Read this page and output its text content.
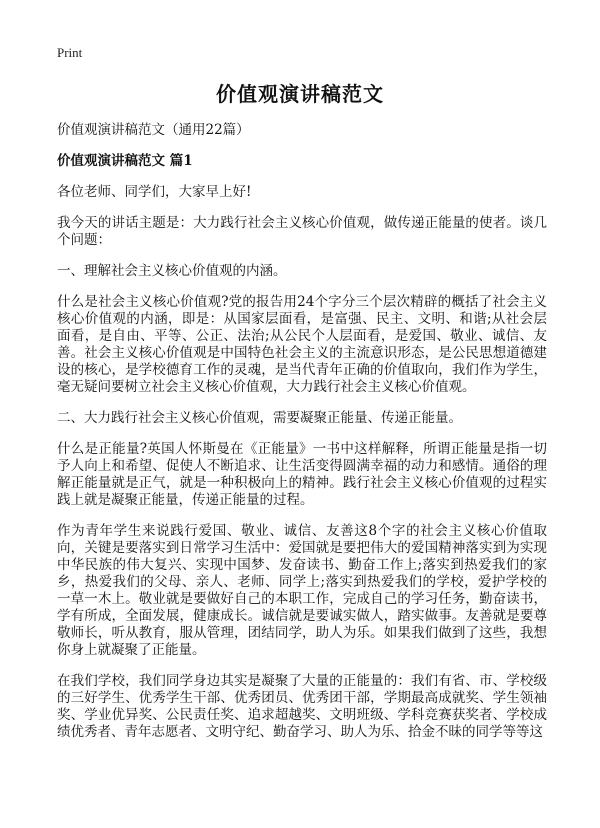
Print
价值观演讲稿范文

价值观演讲稿范文（通用22篇）

价值观演讲稿范文 篇1

各位老师、同学们，大家早上好!

我今天的讲话主题是：大力践行社会主义核心价值观，做传递正能量的使者。谈几个问题：

一、理解社会主义核心价值观的内涵。

什么是社会主义核心价值观?党的报告用24个字分三个层次精辟的概括了社会主义核心价值观的内涵，即是：从国家层面看，是富强、民主、文明、和谐;从社会层面看，是自由、平等、公正、法治;从公民个人层面看，是爱国、敬业、诚信、友善。社会主义核心价值观是中国特色社会主义的主流意识形态，是公民思想道德建设的核心，是学校德育工作的灵魂，是当代青年正确的价值取向，我们作为学生，毫无疑问要树立社会主义核心价值观，大力践行社会主义核心价值观。

二、大力践行社会主义核心价值观，需要凝聚正能量、传递正能量。

什么是正能量?英国人怀斯曼在《正能量》一书中这样解释，所谓正能量是指一切予人向上和希望、促使人不断追求、让生活变得圆满幸福的动力和感情。通俗的理解正能量就是正气，就是一种积极向上的精神。践行社会主义核心价值观的过程实践上就是凝聚正能量，传递正能量的过程。

作为青年学生来说践行爱国、敬业、诚信、友善这8个字的社会主义核心价值取向，关键是要落实到日常学习生活中：爱国就是要把伟大的爱国精神落实到为实现中华民族的伟大复兴、实现中国梦、发奋读书、勤奋工作上;落实到热爱我们的家乡，热爱我们的父母、亲人、老师、同学上;落实到热爱我们的学校，爱护学校的一草一木上。敬业就是要做好自己的本职工作，完成自己的学习任务，勤奋读书，学有所成，全面发展，健康成长。诚信就是要诚实做人，踏实做事。友善就是要尊敬师长，听从教育，服从管理，团结同学，助人为乐。如果我们做到了这些，我想你身上就凝聚了正能量。

在我们学校，我们同学身边其实是凝聚了大量的正能量的：我们有省、市、学校级的三好学生、优秀学生干部、优秀团员、优秀团干部，学期最高成就奖、学生领袖奖、学业优异奖、公民责任奖、追求超越奖、文明班级、学科竞赛获奖者、学校成绩优秀者、青年志愿者、文明守纪、勤奋学习、助人为乐、拾金不昧的同学等等这
